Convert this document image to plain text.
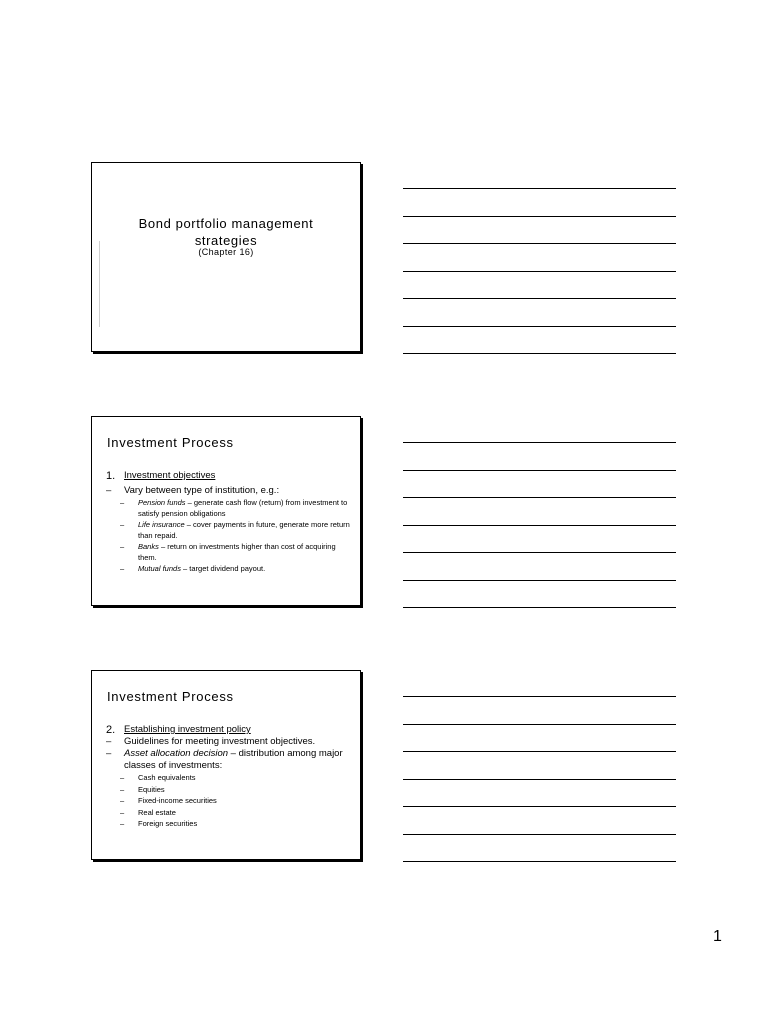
Bond portfolio management
strategies
(Chapter 16)
Investment Process
1. Investment objectives
–	Vary between type of institution, e.g.:
–	Pension funds – generate cash flow (return) from investment to satisfy pension obligations
–	Life insurance – cover payments in future, generate more return than repaid.
–	Banks – return on investments higher than cost of acquiring them.
–	Mutual funds – target dividend payout.
Investment Process
2. Establishing investment policy
–	Guidelines for meeting investment objectives.
–	Asset allocation decision – distribution among major classes of investments:
–	Cash equivalents
–	Equities
–	Fixed-income securities
–	Real estate
–	Foreign securities
1
